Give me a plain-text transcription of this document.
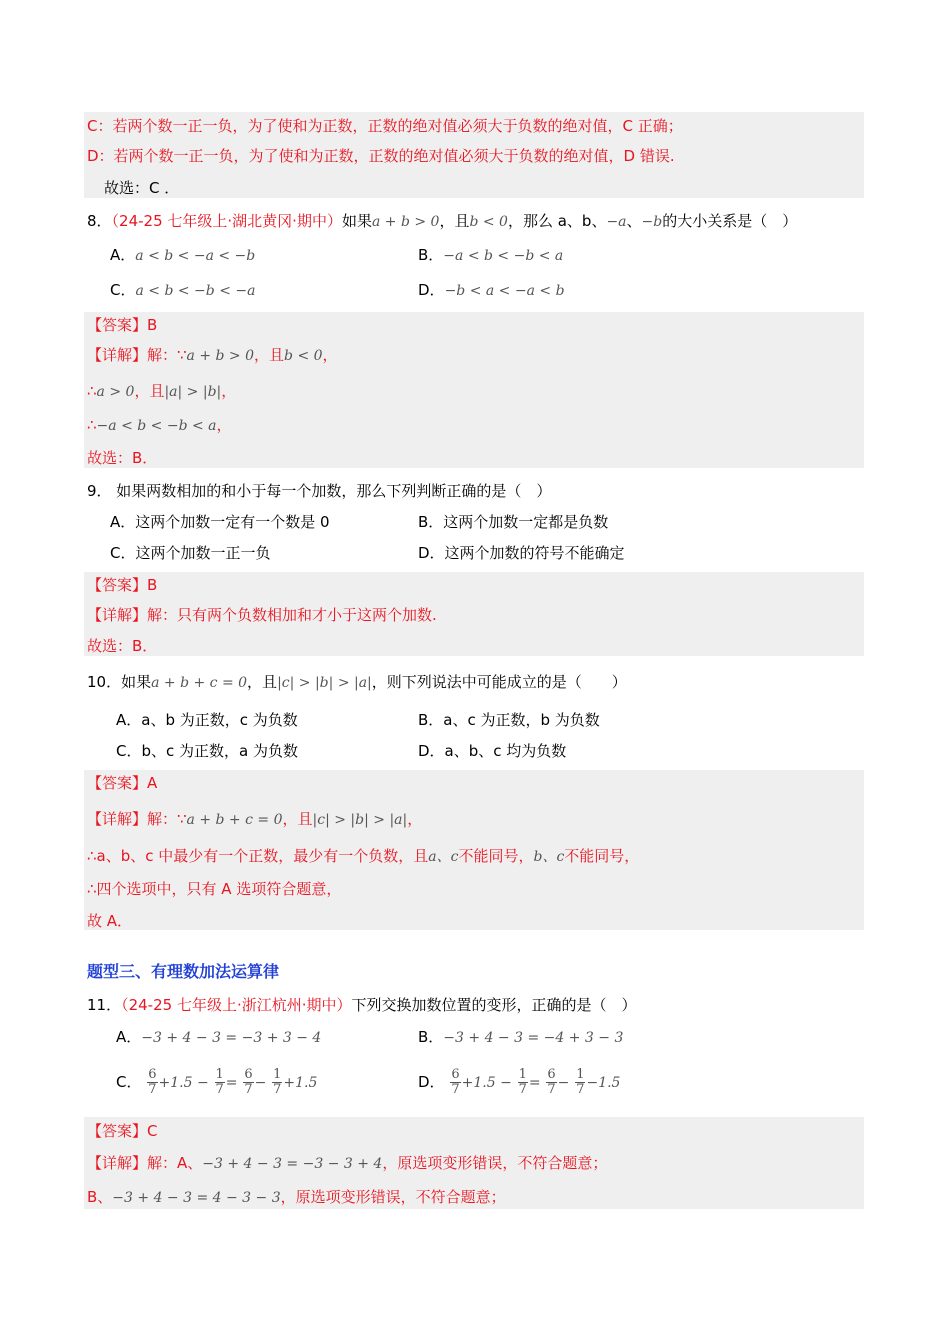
C：若两个数一正一负，为了使和为正数，正数的绝对值必须大于负数的绝对值，C 正确；
D：若两个数一正一负，为了使和为正数，正数的绝对值必须大于负数的绝对值，D 错误.
故选：C ．
8．（24-25 七年级上·湖北黄冈·期中）如果a + b > 0，且b < 0，那么 a、b、−a、−b的大小关系是（　）
A．a < b < −a < −b	B．−a < b < −b < a
C．a < b < −b < −a	D．−b < a < −a < b
【答案】B
【详解】解：∵a + b > 0，且b < 0，
∴a > 0，且|a| > |b|，
∴−a < b < −b < a，
故选：B．
9． 如果两数相加的和小于每一个加数，那么下列判断正确的是（　）
A．这两个加数一定有一个数是 0	B．这两个加数一定都是负数
C．这两个加数一正一负	D．这两个加数的符号不能确定
【答案】B
【详解】解：只有两个负数相加和才小于这两个加数.
故选：B．
10．如果a + b + c = 0，且|c| > |b| > |a|，则下列说法中可能成立的是（　　）
A．a、b 为正数，c 为负数	B．a、c 为正数，b 为负数
C．b、c 为正数，a 为负数	D．a、b、c 均为负数
【答案】A
【详解】解：∵a + b + c = 0，且|c| > |b| > |a|，
∴a、b、c 中最少有一个正数，最少有一个负数，且a、c不能同号，b、c不能同号，
∴四个选项中，只有 A 选项符合题意，
故 A．
题型三、有理数加法运算律
11．（24-25 七年级上·浙江杭州·期中）下列交换加数位置的变形，正确的是（　）
A．−3 + 4 − 3 = −3 + 3 − 4	B．−3 + 4 − 3 = −4 + 3 − 3
C． $\frac{6}{7} +1.5 - \frac{1}{7} = \frac{6}{7} - \frac{1}{7} +1.5$	D． $\frac{6}{7} +1.5 - \frac{1}{7} = \frac{6}{7} - \frac{1}{7} -1.5$
【答案】C
【详解】解：A、−3 + 4 − 3 = −3 − 3 + 4，原选项变形错误，不符合题意；
B、−3 + 4 − 3 = 4 − 3 − 3，原选项变形错误，不符合题意；
